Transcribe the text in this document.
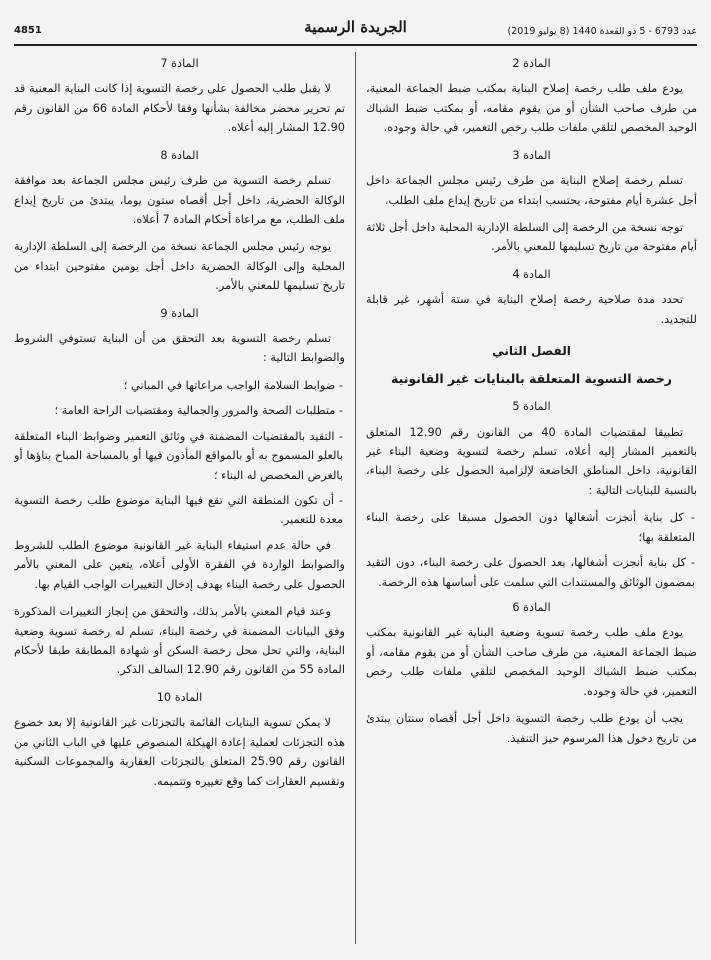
عدد 6793 - 5 ذو القعدة 1440 (8 يوليو 2019)
الجريدة الرسمية
4851
المادة 2

يودع ملف طلب رخصة إصلاح البناية بمكتب ضبط الجماعة المعنية، من طرف صاحب الشأن أو من يقوم مقامه، أو بمكتب ضبط الشباك الوحيد المخصص لتلقي ملفات طلب رخص التعمير، في حالة وجوده.

المادة 3

تسلم رخصة إصلاح البناية من طرف رئيس مجلس الجماعة داخل أجل عشرة أيام مفتوحة، يحتسب ابتداء من تاريخ إيداع ملف الطلب.

توجه نسخة من الرخصة إلى السلطة الإدارية المحلية داخل أجل ثلاثة أيام مفتوحة من تاريخ تسليمها للمعني بالأمر.

المادة 4

تحدد مدة صلاحية رخصة إصلاح البناية في ستة أشهر، غير قابلة للتجديد.

الفصل الثاني
رخصة التسوية المتعلقة بالبنايات غير القانونية
المادة 5

تطبيقا لمقتضيات المادة 40 من القانون رقم 12.90 المتعلق بالتعمير المشار إليه أعلاه، تسلم رخصة لتسوية وضعية البناء غير القانونية، داخل المناطق الخاضعة لإلزامية الحصول على رخصة البناء، بالنسبة للبنايات التالية :

- كل بناية أنجزت أشغالها دون الحصول مسبقا على رخصة البناء المتعلقة بها؛

- كل بناية أنجزت أشغالها، بعد الحصول على رخصة البناء، دون التقيد بمضمون الوثائق والمستندات التي سلمت على أساسها هذه الرخصة.

المادة 6

يودع ملف طلب رخصة تسوية وضعية البناية غير القانونية بمكتب ضبط الجماعة المعنية، من طرف صاحب الشأن أو من يقوم مقامه، أو بمكتب ضبط الشباك الوحيد المخصص لتلقي ملفات طلب رخص التعمير، في حالة وجوده.

يجب أن يودع طلب رخصة التسوية داخل أجل أقصاه سنتان يبتدئ من تاريخ دخول هذا المرسوم حيز التنفيذ.

المادة 7

لا يقبل طلب الحصول على رخصة التسوية إذا كانت البناية المعنية قد تم تحرير محضر مخالفة بشأنها وفقا لأحكام المادة 66 من القانون رقم 12.90 المشار إليه أعلاه.

المادة 8

تسلم رخصة التسوية من طرف رئيس مجلس الجماعة بعد موافقة الوكالة الحضرية، داخل أجل أقصاه ستون يوما، يبتدئ من تاريخ إيداع ملف الطلب، مع مراعاة أحكام المادة 7 أعلاه.

يوجه رئيس مجلس الجماعة نسخة من الرخصة إلى السلطة الإدارية المحلية وإلى الوكالة الحضرية داخل أجل يومين مفتوحين ابتداء من تاريخ تسليمها للمعني بالأمر.

المادة 9

تسلم رخصة التسوية بعد التحقق من أن البناية تستوفي الشروط والضوابط التالية :

- ضوابط السلامة الواجب مراعاتها في المباني ؛

- متطلبات الصحة والمرور والجمالية ومقتضيات الراحة العامة ؛

- التقيد بالمقتضيات المضمنة في وثائق التعمير وضوابط البناء المتعلقة بالعلو المسموح به أو بالمواقع المأذون فيها أو بالمساحة المباح بناؤها أو بالغرض المخصص له البناء ؛

- أن تكون المنطقة التي تقع فيها البناية موضوع طلب رخصة التسوية معدة للتعمير.

في حالة عدم استيفاء البناية غير القانونية موضوع الطلب للشروط والضوابط الواردة في الفقرة الأولى أعلاه، يتعين على المعني بالأمر الحصول على رخصة البناء بهدف إدخال التغييرات الواجب القيام بها.

وعند قيام المعني بالأمر بذلك، والتحقق من إنجاز التغييرات المذكورة وفق البيانات المضمنة في رخصة البناء، تسلم له رخصة تسوية وضعية البناية، والتي تحل محل رخصة السكن أو شهادة المطابقة طبقا لأحكام المادة 55 من القانون رقم 12.90 السالف الذكر.

المادة 10

لا يمكن تسوية البنايات القائمة بالتجزئات غير القانونية إلا بعد خضوع هذه التجزئات لعملية إعادة الهيكلة المنصوص عليها في الباب الثاني من القانون رقم 25.90 المتعلق بالتجزئات العقارية والمجموعات السكنية وتقسيم العقارات كما وقع تغييره وتتميمه.
